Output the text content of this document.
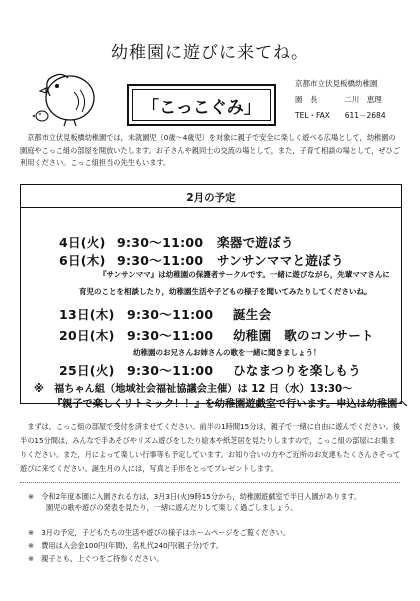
幼稚園に遊びに来てね。
「こっこぐみ」
京都市立伏見板橋幼稚園
園　長	二川　恵理
TEL・FAX 611－2684

京都市立伏見板橋幼稚園では，未就園児（0歳～4歳児）を対象に親子で安全に楽しく遊べる広場として，幼稚園の園庭やこっこ組の部屋を開放いたします。お子さんや親同士の交流の場として，また，子育て相談の場として，ぜひご利用ください。こっこ組担当の先生もいます。

2月の予定
4日(火) 9:30～11:00 楽器で遊ぼう
6日(木) 9:30～11:00 サンサンママと遊ぼう
『サンサンママ』は幼稚園の保護者サークルです。一緒に遊びながら，先輩ママさんに
育児のことを相談したり，幼稚園生活や子どもの様子を聞いてみたりしてくださいね。
13日(木) 9:30～11:00 誕生会
20日(木) 9:30～11:00 幼稚園　歌のコンサート
幼稚園のお兄さんお姉さんの歌を一緒に聞きましょう！
25日(火) 9:30～11:00 ひなまつりを楽しもう
※　福ちゃん組（地域社会福祉協議会主催）は 12 日（水）13:30～
『親子で楽しくリトミック！！』を幼稚園遊戯室で行います。申込は幼稚園へ

まずは，こっこ組の部屋で受付を済ませてください。前半の1時間15分は，親子で一緒に自由に遊んでください。後半の15分間は，みんなで手あそびやリズム遊びをしたり絵本や紙芝居を見たりしますので，こっこ組の部屋にお集まりください。また，月によって楽しい行事等も予定しています。お知り合いの方やご近所のお友達もたくさんさそって遊びに来てください。誕生月の人には，写真と手形をとってプレゼントします。

※　令和2年度本園に入園される方は，3月3日(火)9時15分から，幼稚園遊戯室で半日入園があります。
園児の歌や遊びの発表を見たり，一緒に遊んだりして楽しく過ごしましょう。
※　3月の予定，子どもたちの生活や遊びの様子はホームページをご覧ください。
※　費用は入会金100円(年間)，名札代240円(親子分)です。
※　親子とも，上ぐつをご持参ください。
